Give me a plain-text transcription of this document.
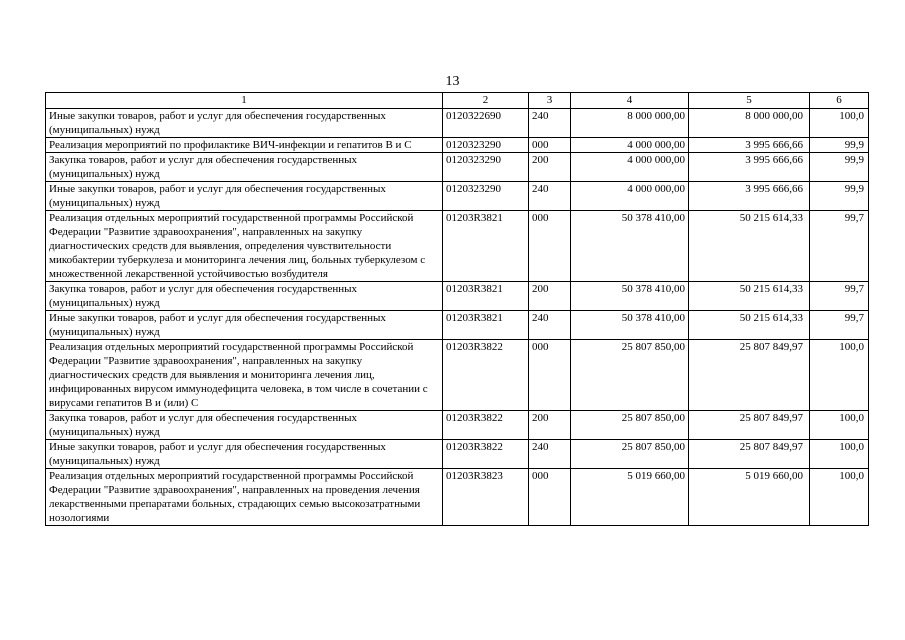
13
1	2	3	4	5	6
Иные закупки товаров, работ и услуг для обеспечения государственных (муниципальных) нужд	0120322690	240	8 000 000,00	8 000 000,00	100,0
Реализация мероприятий по профилактике ВИЧ-инфекции и гепатитов В и С	0120323290	000	4 000 000,00	3 995 666,66	99,9
Закупка товаров, работ и услуг для обеспечения государственных (муниципальных) нужд	0120323290	200	4 000 000,00	3 995 666,66	99,9
Иные закупки товаров, работ и услуг для обеспечения государственных (муниципальных) нужд	0120323290	240	4 000 000,00	3 995 666,66	99,9
Реализация отдельных мероприятий государственной программы Российской Федерации "Развитие здравоохранения", направленных на закупку диагностических средств для выявления, определения чувствительности микобактерии туберкулеза и мониторинга лечения лиц, больных туберкулезом с множественной лекарственной устойчивостью возбудителя	01203R3821	000	50 378 410,00	50 215 614,33	99,7
Закупка товаров, работ и услуг для обеспечения государственных (муниципальных) нужд	01203R3821	200	50 378 410,00	50 215 614,33	99,7
Иные закупки товаров, работ и услуг для обеспечения государственных (муниципальных) нужд	01203R3821	240	50 378 410,00	50 215 614,33	99,7
Реализация отдельных мероприятий государственной программы Российской Федерации "Развитие здравоохранения", направленных на закупку диагностических средств для выявления и мониторинга лечения лиц, инфицированных вирусом иммунодефицита человека, в том числе в сочетании с вирусами гепатитов В и (или) С	01203R3822	000	25 807 850,00	25 807 849,97	100,0
Закупка товаров, работ и услуг для обеспечения государственных (муниципальных) нужд	01203R3822	200	25 807 850,00	25 807 849,97	100,0
Иные закупки товаров, работ и услуг для обеспечения государственных (муниципальных) нужд	01203R3822	240	25 807 850,00	25 807 849,97	100,0
Реализация отдельных мероприятий государственной программы Российской Федерации "Развитие здравоохранения", направленных на проведения лечения лекарственными препаратами больных, страдающих семью высокозатратными нозологиями	01203R3823	000	5 019 660,00	5 019 660,00	100,0
